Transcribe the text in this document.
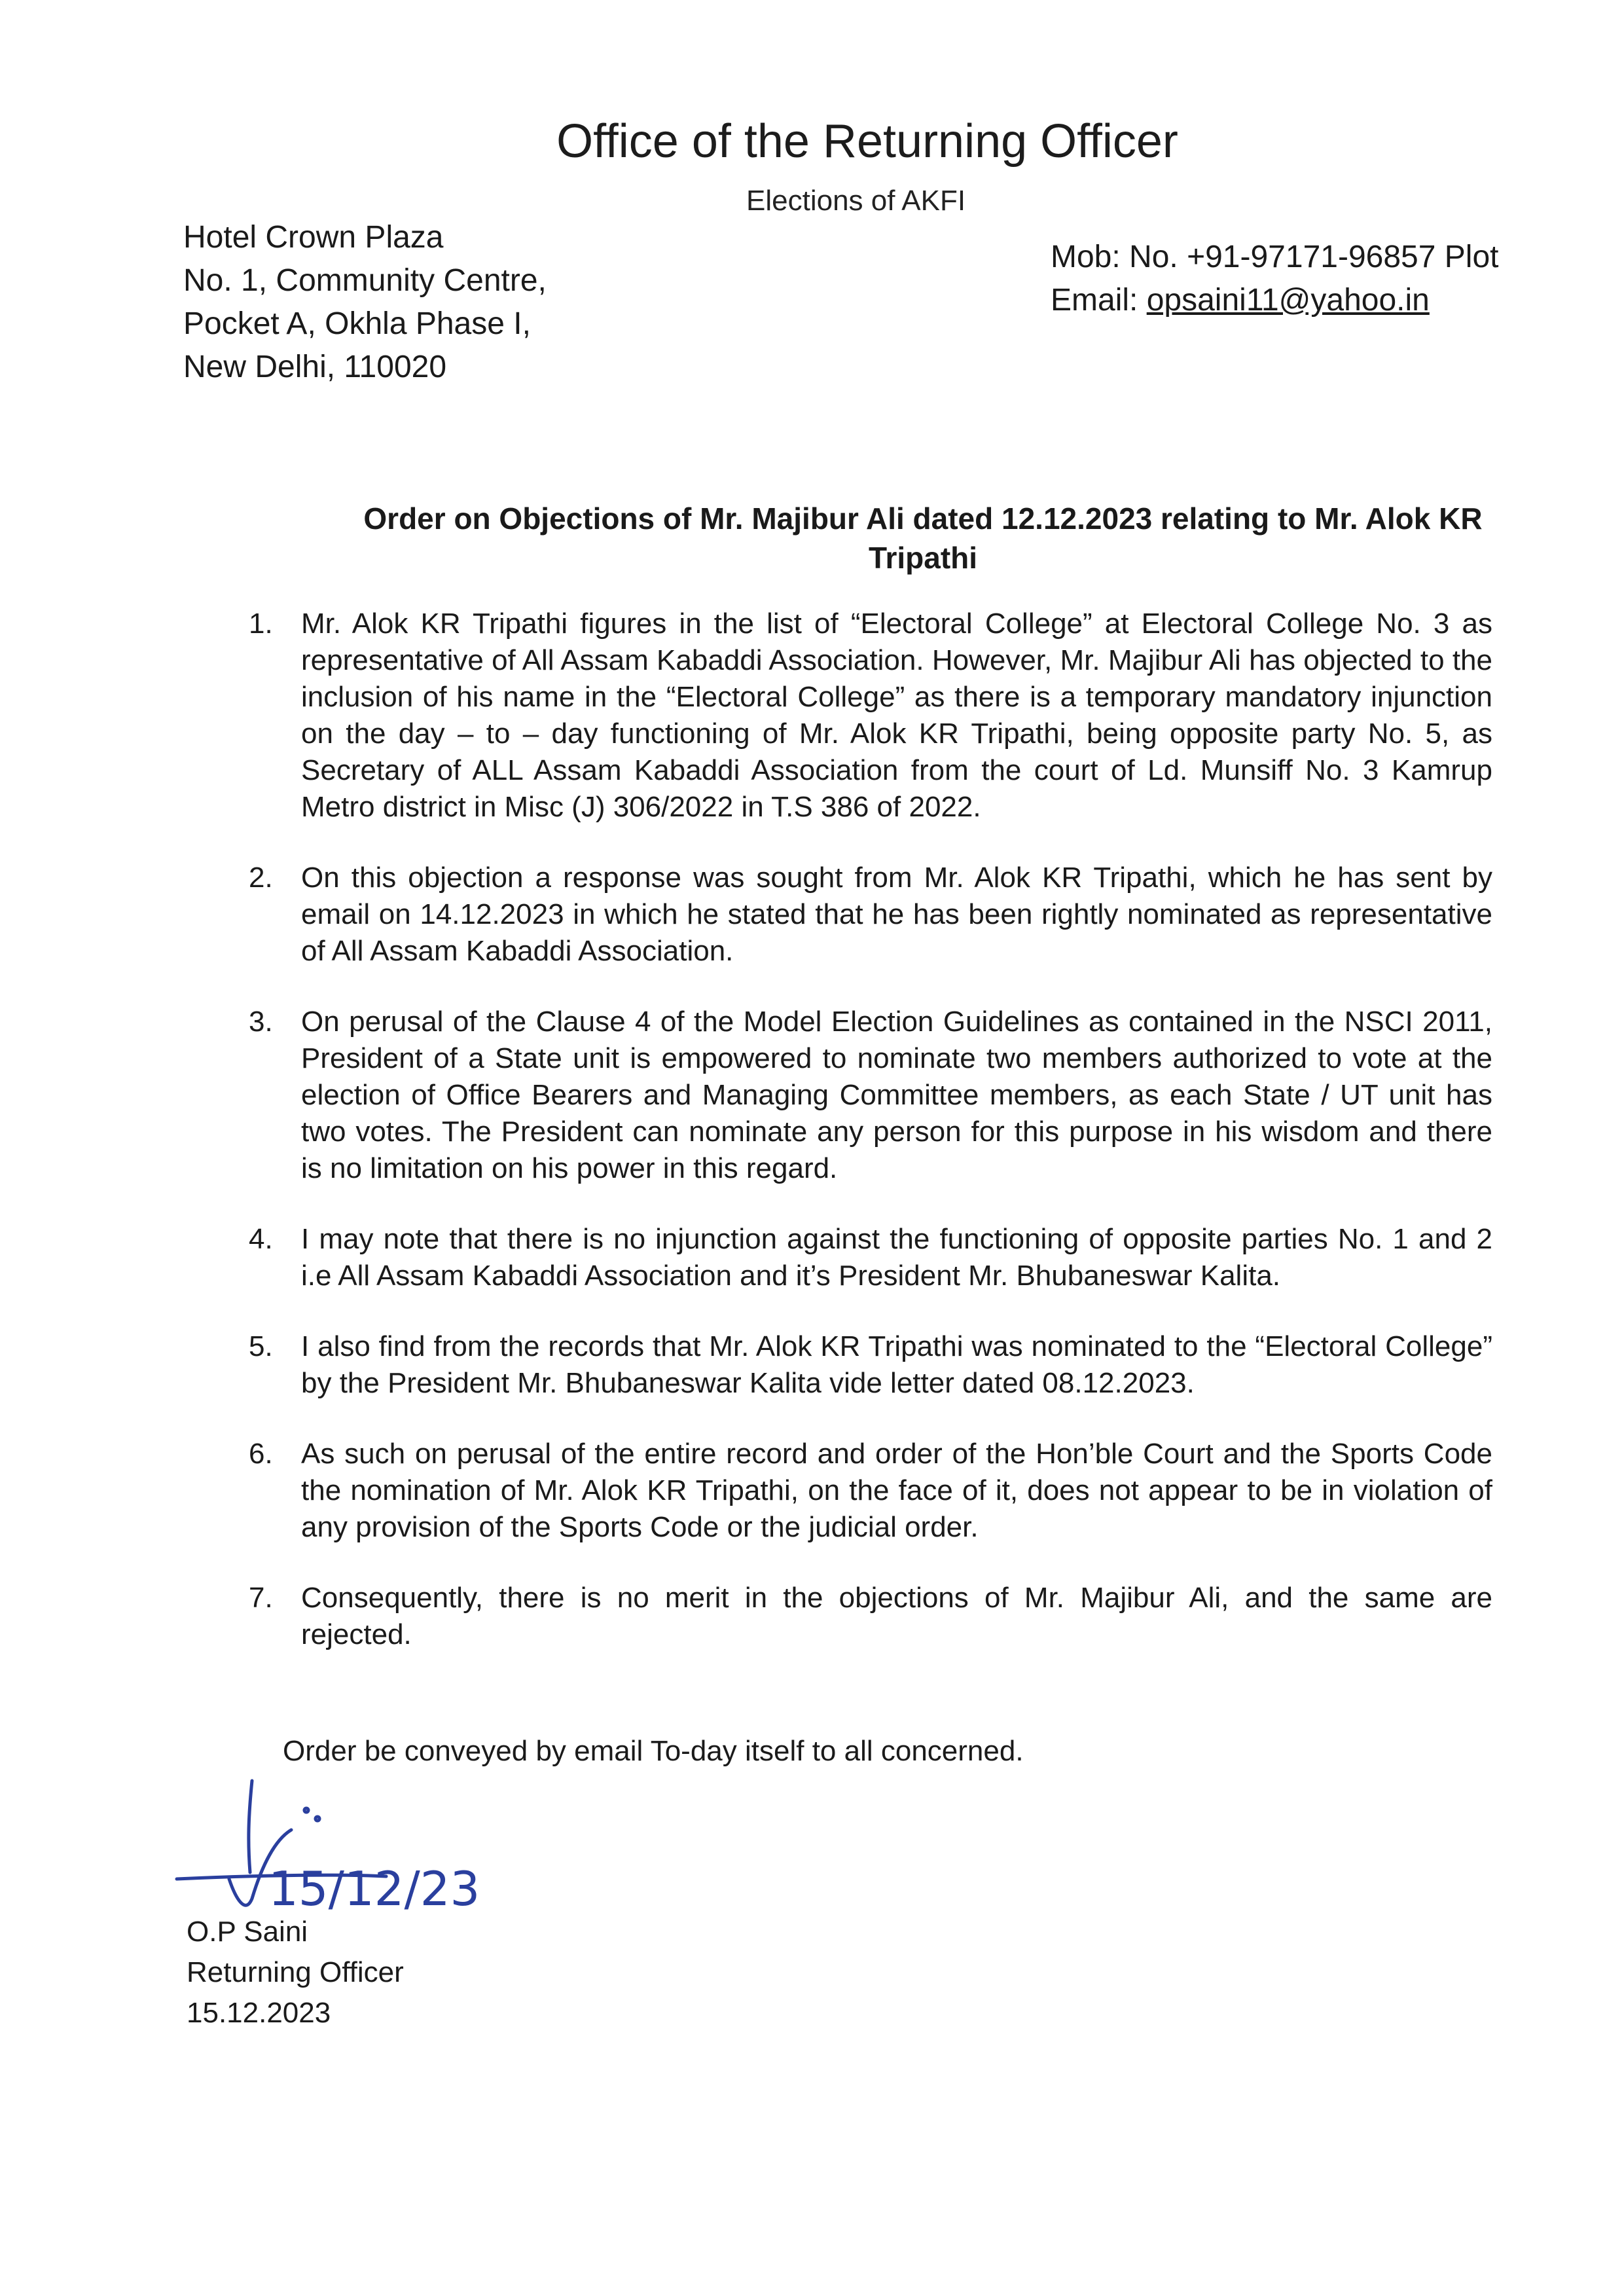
Office of the Returning Officer
Elections of AKFI
Hotel Crown Plaza
No. 1, Community Centre,
Pocket A, Okhla Phase I,
New Delhi, 110020
Mob: No. +91-97171-96857 Plot
Email: opsaini11@yahoo.in
Order on Objections of Mr. Majibur Ali dated 12.12.2023 relating to Mr. Alok KR Tripathi
1. Mr. Alok KR Tripathi figures in the list of “Electoral College” at Electoral College No. 3 as representative of All Assam Kabaddi Association. However, Mr. Majibur Ali has objected to the inclusion of his name in the “Electoral College” as there is a temporary mandatory injunction on the day – to – day functioning of Mr. Alok KR Tripathi, being opposite party No. 5, as Secretary of ALL Assam Kabaddi Association from the court of Ld. Munsiff No. 3 Kamrup Metro district in Misc (J) 306/2022 in T.S 386 of 2022.
2. On this objection a response was sought from Mr. Alok KR Tripathi, which he has sent by email on 14.12.2023 in which he stated that he has been rightly nominated as representative of All Assam Kabaddi Association.
3. On perusal of the Clause 4 of the Model Election Guidelines as contained in the NSCI 2011, President of a State unit is empowered to nominate two members authorized to vote at the election of Office Bearers and Managing Committee members, as each State / UT unit has two votes. The President can nominate any person for this purpose in his wisdom and there is no limitation on his power in this regard.
4. I may note that there is no injunction against the functioning of opposite parties No. 1 and 2 i.e All Assam Kabaddi Association and it’s President Mr. Bhubaneswar Kalita.
5. I also find from the records that Mr. Alok KR Tripathi was nominated to the “Electoral College” by the President Mr. Bhubaneswar Kalita vide letter dated 08.12.2023.
6. As such on perusal of the entire record and order of the Hon’ble Court and the Sports Code the nomination of Mr. Alok KR Tripathi, on the face of it, does not appear to be in violation of any provision of the Sports Code or the judicial order.
7. Consequently, there is no merit in the objections of Mr. Majibur Ali, and the same are rejected.
Order be conveyed by email To-day itself to all concerned.
15/12/23
O.P Saini
Returning Officer
15.12.2023
